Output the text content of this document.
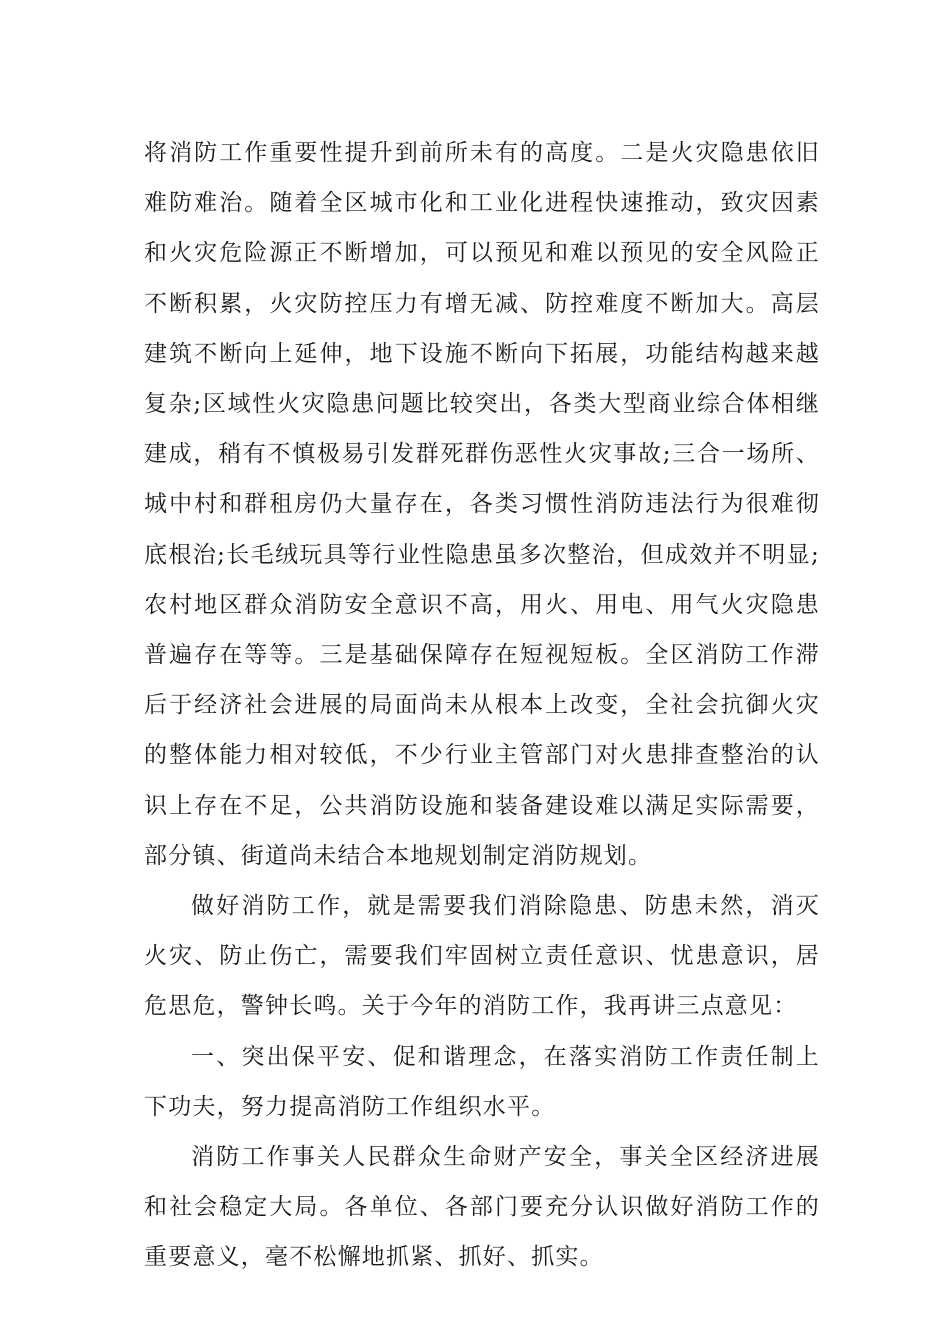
将消防工作重要性提升到前所未有的高度。二是火灾隐患依旧难防难治。随着全区城市化和工业化进程快速推动，致灾因素和火灾危险源正不断增加，可以预见和难以预见的安全风险正不断积累，火灾防控压力有增无减、防控难度不断加大。高层建筑不断向上延伸，地下设施不断向下拓展，功能结构越来越复杂;区域性火灾隐患问题比较突出，各类大型商业综合体相继建成，稍有不慎极易引发群死群伤恶性火灾事故;三合一场所、城中村和群租房仍大量存在，各类习惯性消防违法行为很难彻底根治;长毛绒玩具等行业性隐患虽多次整治，但成效并不明显;农村地区群众消防安全意识不高，用火、用电、用气火灾隐患普遍存在等等。三是基础保障存在短视短板。全区消防工作滞后于经济社会进展的局面尚未从根本上改变，全社会抗御火灾的整体能力相对较低，不少行业主管部门对火患排查整治的认识上存在不足，公共消防设施和装备建设难以满足实际需要，部分镇、街道尚未结合本地规划制定消防规划。

做好消防工作，就是需要我们消除隐患、防患未然，消灭火灾、防止伤亡，需要我们牢固树立责任意识、忧患意识，居危思危，警钟长鸣。关于今年的消防工作，我再讲三点意见：

一、突出保平安、促和谐理念，在落实消防工作责任制上下功夫，努力提高消防工作组织水平。

消防工作事关人民群众生命财产安全，事关全区经济进展和社会稳定大局。各单位、各部门要充分认识做好消防工作的重要意义，毫不松懈地抓紧、抓好、抓实。
